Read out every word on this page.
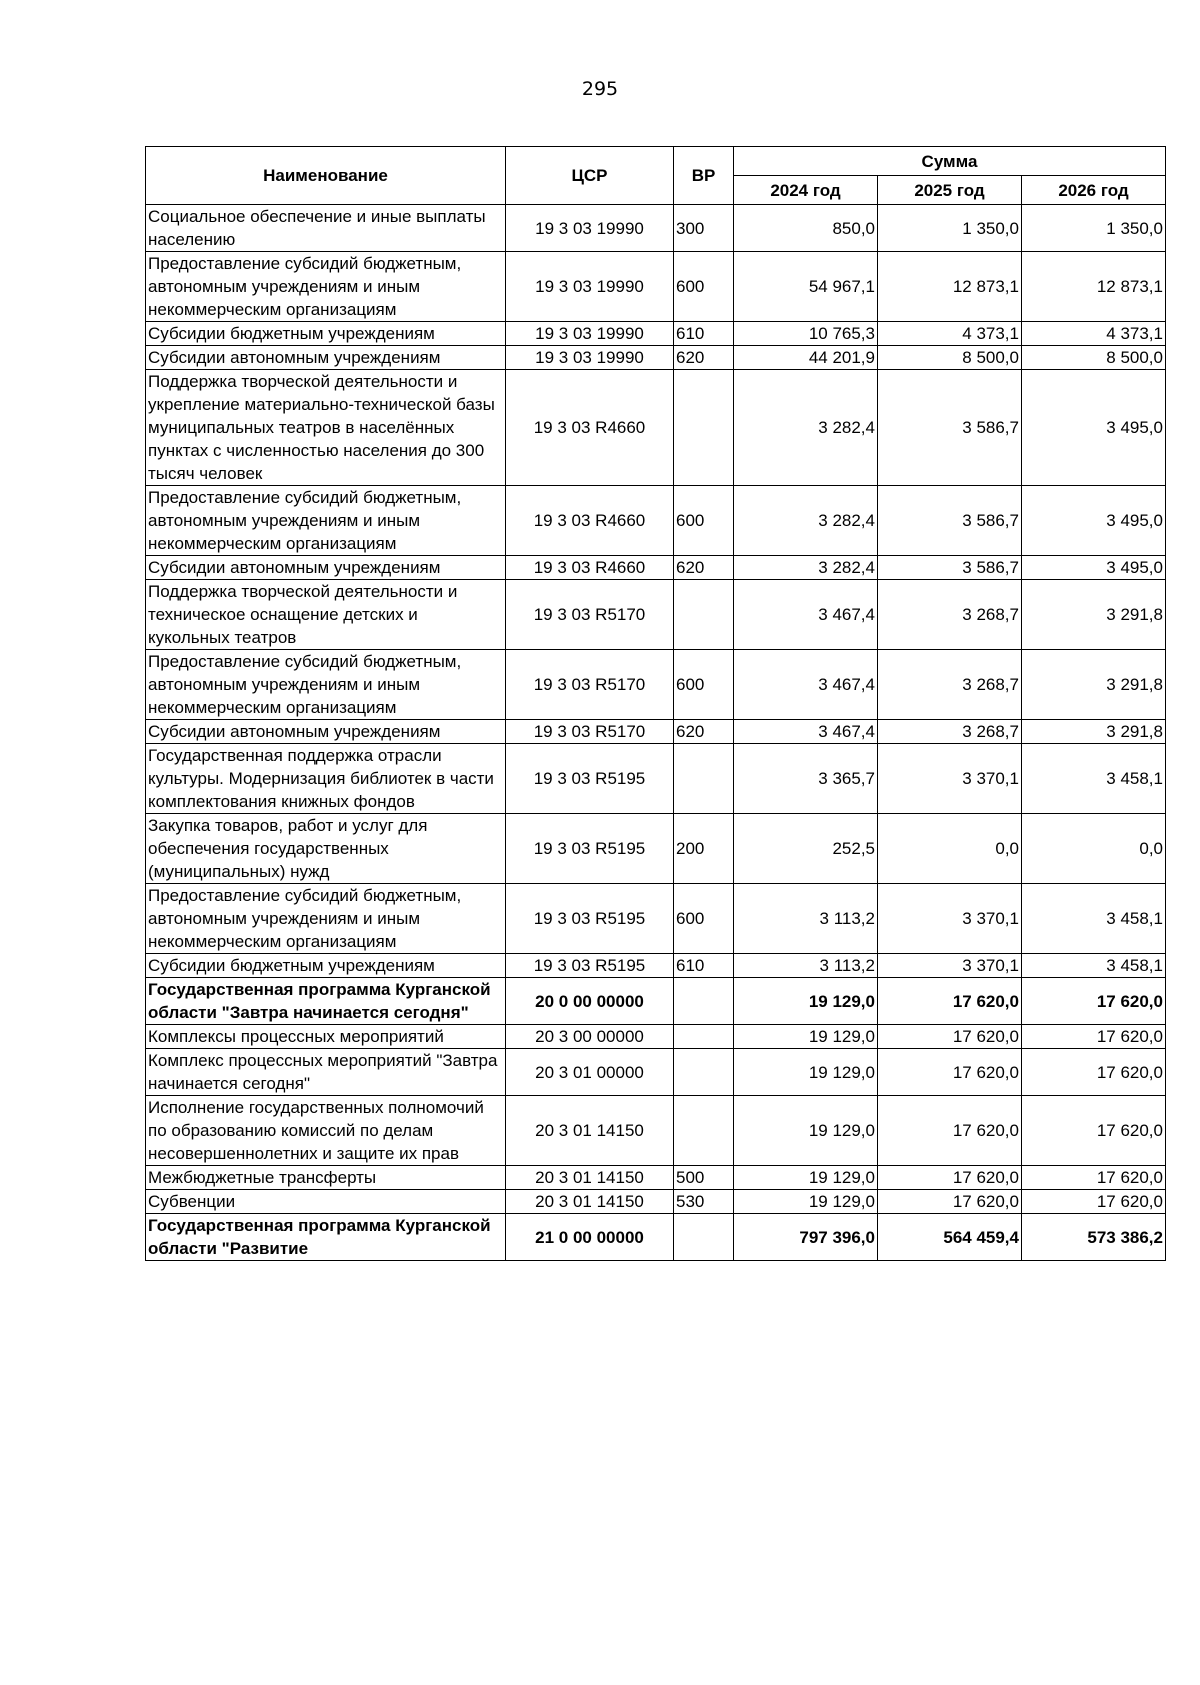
295
Наименование	ЦСР	ВР	Сумма		
			2024 год	2025 год	2026 год
Социальное обеспечение и иные выплаты населению	19 3 03 19990	300	850,0	1 350,0	1 350,0
Предоставление субсидий бюджетным, автономным учреждениям и иным некоммерческим организациям	19 3 03 19990	600	54 967,1	12 873,1	12 873,1
Субсидии бюджетным учреждениям	19 3 03 19990	610	10 765,3	4 373,1	4 373,1
Субсидии автономным учреждениям	19 3 03 19990	620	44 201,9	8 500,0	8 500,0
Поддержка творческой деятельности и укрепление материально-технической базы муниципальных театров в населённых пунктах с численностью населения до 300 тысяч человек	19 3 03 R4660		3 282,4	3 586,7	3 495,0
Предоставление субсидий бюджетным, автономным учреждениям и иным некоммерческим организациям	19 3 03 R4660	600	3 282,4	3 586,7	3 495,0
Субсидии автономным учреждениям	19 3 03 R4660	620	3 282,4	3 586,7	3 495,0
Поддержка творческой деятельности и техническое оснащение детских и кукольных театров	19 3 03 R5170		3 467,4	3 268,7	3 291,8
Предоставление субсидий бюджетным, автономным учреждениям и иным некоммерческим организациям	19 3 03 R5170	600	3 467,4	3 268,7	3 291,8
Субсидии автономным учреждениям	19 3 03 R5170	620	3 467,4	3 268,7	3 291,8
Государственная поддержка отрасли культуры. Модернизация библиотек в части комплектования книжных фондов	19 3 03 R5195		3 365,7	3 370,1	3 458,1
Закупка товаров, работ и услуг для обеспечения государственных (муниципальных) нужд	19 3 03 R5195	200	252,5	0,0	0,0
Предоставление субсидий бюджетным, автономным учреждениям и иным некоммерческим организациям	19 3 03 R5195	600	3 113,2	3 370,1	3 458,1
Субсидии бюджетным учреждениям	19 3 03 R5195	610	3 113,2	3 370,1	3 458,1
Государственная программа Курганской области "Завтра начинается сегодня"	20 0 00 00000		19 129,0	17 620,0	17 620,0
Комплексы процессных мероприятий	20 3 00 00000		19 129,0	17 620,0	17 620,0
Комплекс процессных мероприятий "Завтра начинается сегодня"	20 3 01 00000		19 129,0	17 620,0	17 620,0
Исполнение государственных полномочий по образованию комиссий по делам несовершеннолетних и защите их прав	20 3 01 14150		19 129,0	17 620,0	17 620,0
Межбюджетные трансферты	20 3 01 14150	500	19 129,0	17 620,0	17 620,0
Субвенции	20 3 01 14150	530	19 129,0	17 620,0	17 620,0
Государственная программа Курганской области "Развитие	21 0 00 00000		797 396,0	564 459,4	573 386,2
